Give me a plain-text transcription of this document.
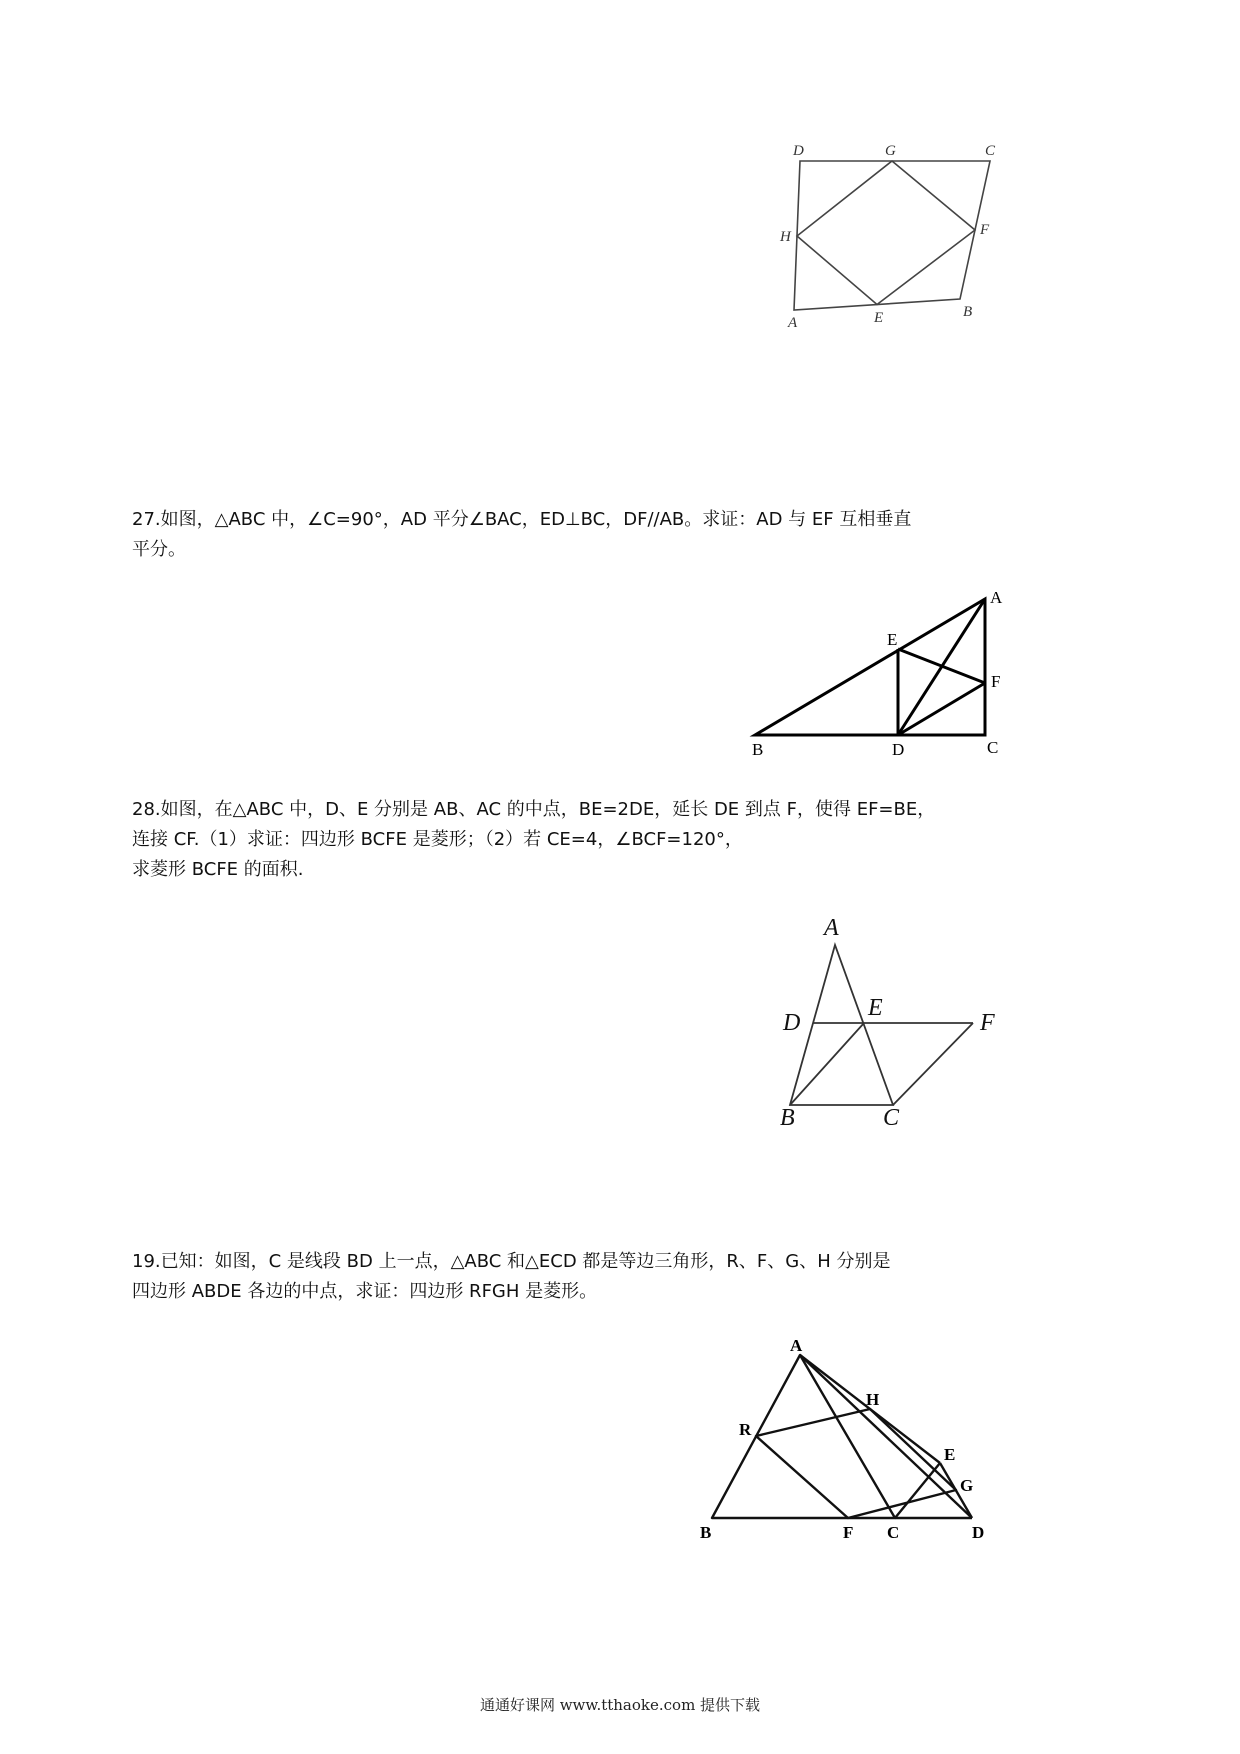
D	G	C
H	F
A	E	B

27.如图，△ABC 中，∠C=90°，AD 平分∠BAC，ED⊥BC，DF//AB。求证：AD 与 EF 互相垂直

平分。

A
E
F
B	D	C

28.如图，在△ABC 中，D、E 分别是 AB、AC 的中点，BE=2DE，延长 DE 到点 F，使得 EF=BE，

连接 CF.（1）求证：四边形 BCFE 是菱形；（2）若 CE=4，∠BCF=120°，

求菱形 BCFE 的面积.

A
D
E
F
B	C

19.已知：如图，C 是线段 BD 上一点，△ABC 和△ECD 都是等边三角形，R、F、G、H 分别是

四边形 ABDE 各边的中点，求证：四边形 RFGH 是菱形。

A
H
R
E
G
B	F C	D
通通好课网 www.tthaoke.com 提供下载
